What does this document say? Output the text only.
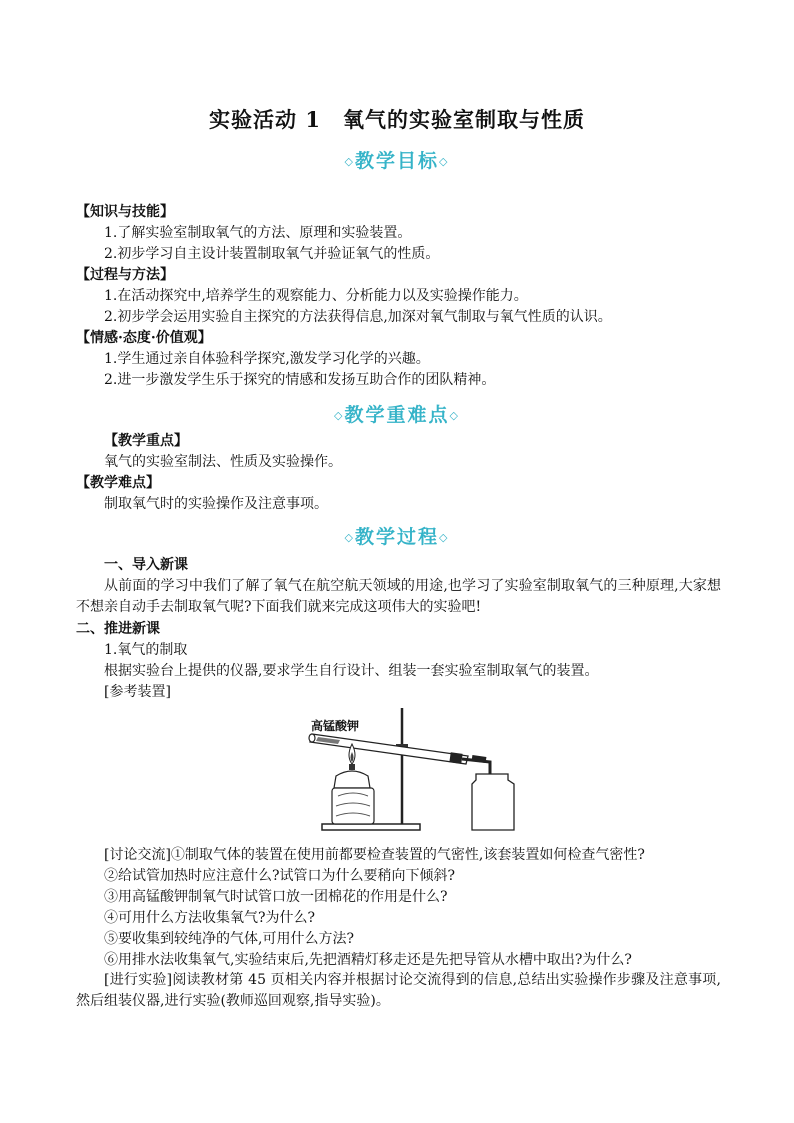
实验活动 1　氧气的实验室制取与性质
◇教学目标◇
【知识与技能】
1.了解实验室制取氧气的方法、原理和实验装置。
2.初步学习自主设计装置制取氧气并验证氧气的性质。
【过程与方法】
1.在活动探究中,培养学生的观察能力、分析能力以及实验操作能力。
2.初步学会运用实验自主探究的方法获得信息,加深对氧气制取与氧气性质的认识。
【情感·态度·价值观】
1.学生通过亲自体验科学探究,激发学习化学的兴趣。
2.进一步激发学生乐于探究的情感和发扬互助合作的团队精神。
◇教学重难点◇
【教学重点】
氧气的实验室制法、性质及实验操作。
【教学难点】
制取氧气时的实验操作及注意事项。
◇教学过程◇
一、导入新课
从前面的学习中我们了解了氧气在航空航天领域的用途,也学习了实验室制取氧气的三种原理,大家想不想亲自动手去制取氧气呢?下面我们就来完成这项伟大的实验吧!
二、推进新课
1.氧气的制取
根据实验台上提供的仪器,要求学生自行设计、组装一套实验室制取氧气的装置。
[参考装置]
高锰酸钾
[讨论交流]①制取气体的装置在使用前都要检查装置的气密性,该套装置如何检查气密性?
②给试管加热时应注意什么?试管口为什么要稍向下倾斜?
③用高锰酸钾制氧气时试管口放一团棉花的作用是什么?
④可用什么方法收集氧气?为什么?
⑤要收集到较纯净的气体,可用什么方法?
⑥用排水法收集氧气,实验结束后,先把酒精灯移走还是先把导管从水槽中取出?为什么?
[进行实验]阅读教材第 45 页相关内容并根据讨论交流得到的信息,总结出实验操作步骤及注意事项,然后组装仪器,进行实验(教师巡回观察,指导实验)。
